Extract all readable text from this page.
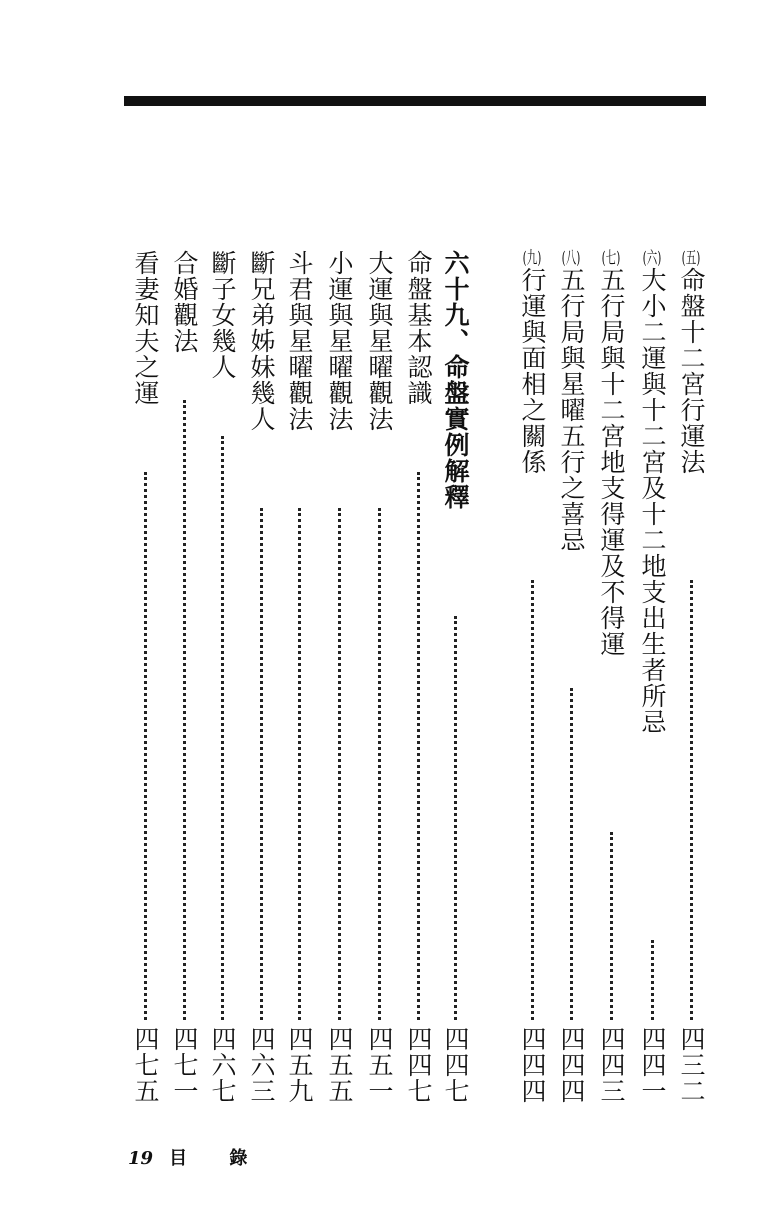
(五)命盤十二宮行運法
四三二
(六)大小二運與十二宮及十二地支出生者所忌
四四一
(七)五行局與十二宮地支得運及不得運
四四三
(八)五行局與星曜五行之喜忌
四四四
(九)行運與面相之關係
四四四
六十九、命盤實例解釋
四四七
命盤基本認識
四四七
大運與星曜觀法
四五一
小運與星曜觀法
四五五
斗君與星曜觀法
四五九
斷兄弟姊妹幾人
四六三
斷子女幾人
四六七
合婚觀法
四七一
看妻知夫之運
四七五
19 目 錄
